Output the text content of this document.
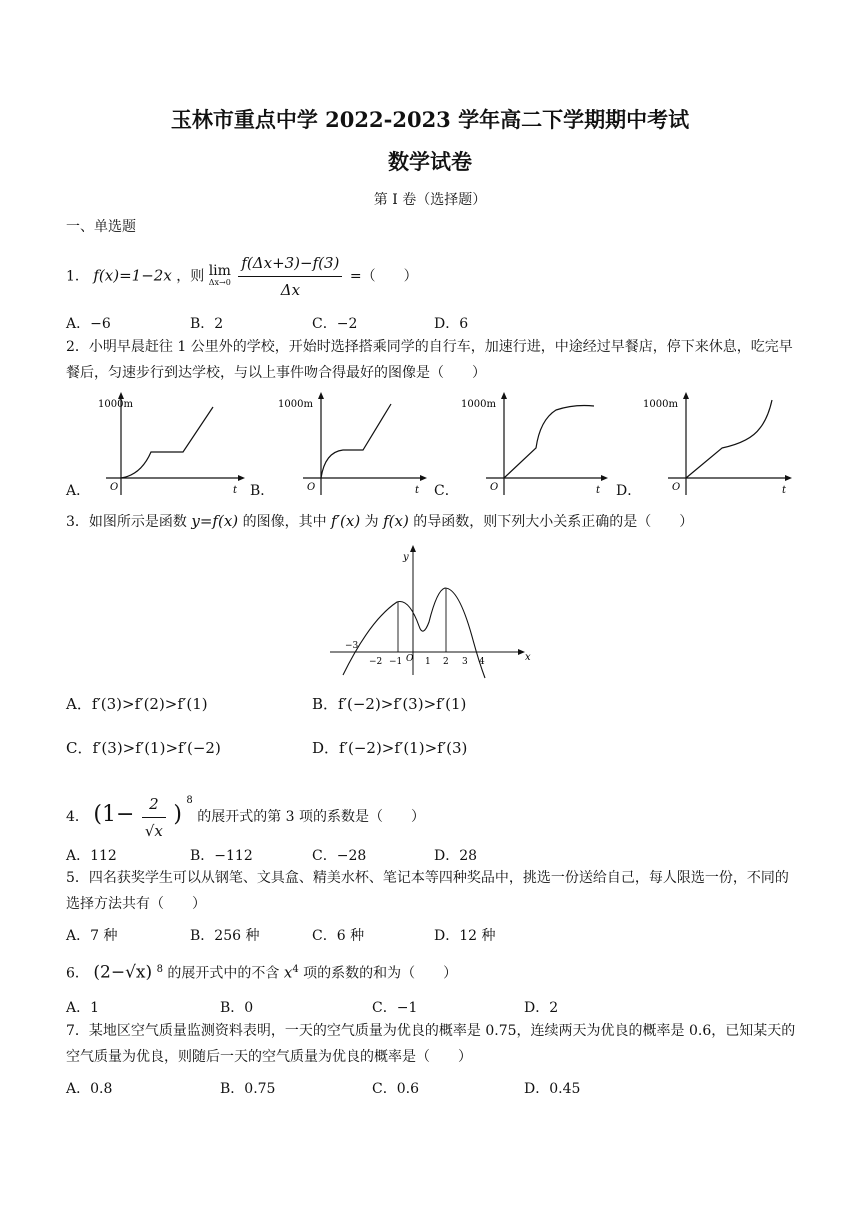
玉林市重点中学 2022-2023 学年高二下学期期中考试
数学试卷
第 I 卷（选择题）
一、单选题
1． f(x)=1−2x ，则 lim
Δx→0
$\frac{f(\Delta x+3)-f(3)}{\Delta x}$ =（　　）
A．−6	B．2	C．−2	D．6
2．小明早晨赶往 1 公里外的学校，开始时选择搭乘同学的自行车，加速行进，中途经过早餐店，停下来休息，吃完早餐后，匀速步行到达学校，与以上事件吻合得最好的图像是（　　）
A．
1000m
O	t B．
1000m
O	t C．
1000m
O	t D．
1000m
O	t
3．如图所示是函数 y=f(x) 的图像，其中 f′(x) 为 f(x) 的导函数，则下列大小关系正确的是（　　）
y
x
O
−3
−2 −1	1 2 3 4
A．f′(3)>f′(2)>f′(1)	B．f′(−2)>f′(3)>f′(1)
C．f′(3)>f′(1)>f′(−2)	D．f′(−2)>f′(1)>f′(3)
4． ($1- \frac{2}{√x}$ ) $^8$ 的展开式的第 3 项的系数是（　　）
A．112	B．−112	C．−28	D．28
5．四名获奖学生可以从钢笔、文具盒、精美水杯、笔记本等四种奖品中，挑选一份送给自己，每人限选一份，不同的选择方法共有（　　）
A．7 种	B．256 种	C．6 种	D．12 种
6． (2−√x) $^8$ 的展开式中的不含 $x^4$ 项的系数的和为（　　）
A．1	B．0	C．−1	D．2
7．某地区空气质量监测资料表明，一天的空气质量为优良的概率是 0.75，连续两天为优良的概率是 0.6，已知某天的空气质量为优良，则随后一天的空气质量为优良的概率是（　　）
A．0.8	B．0.75	C．0.6	D．0.45
